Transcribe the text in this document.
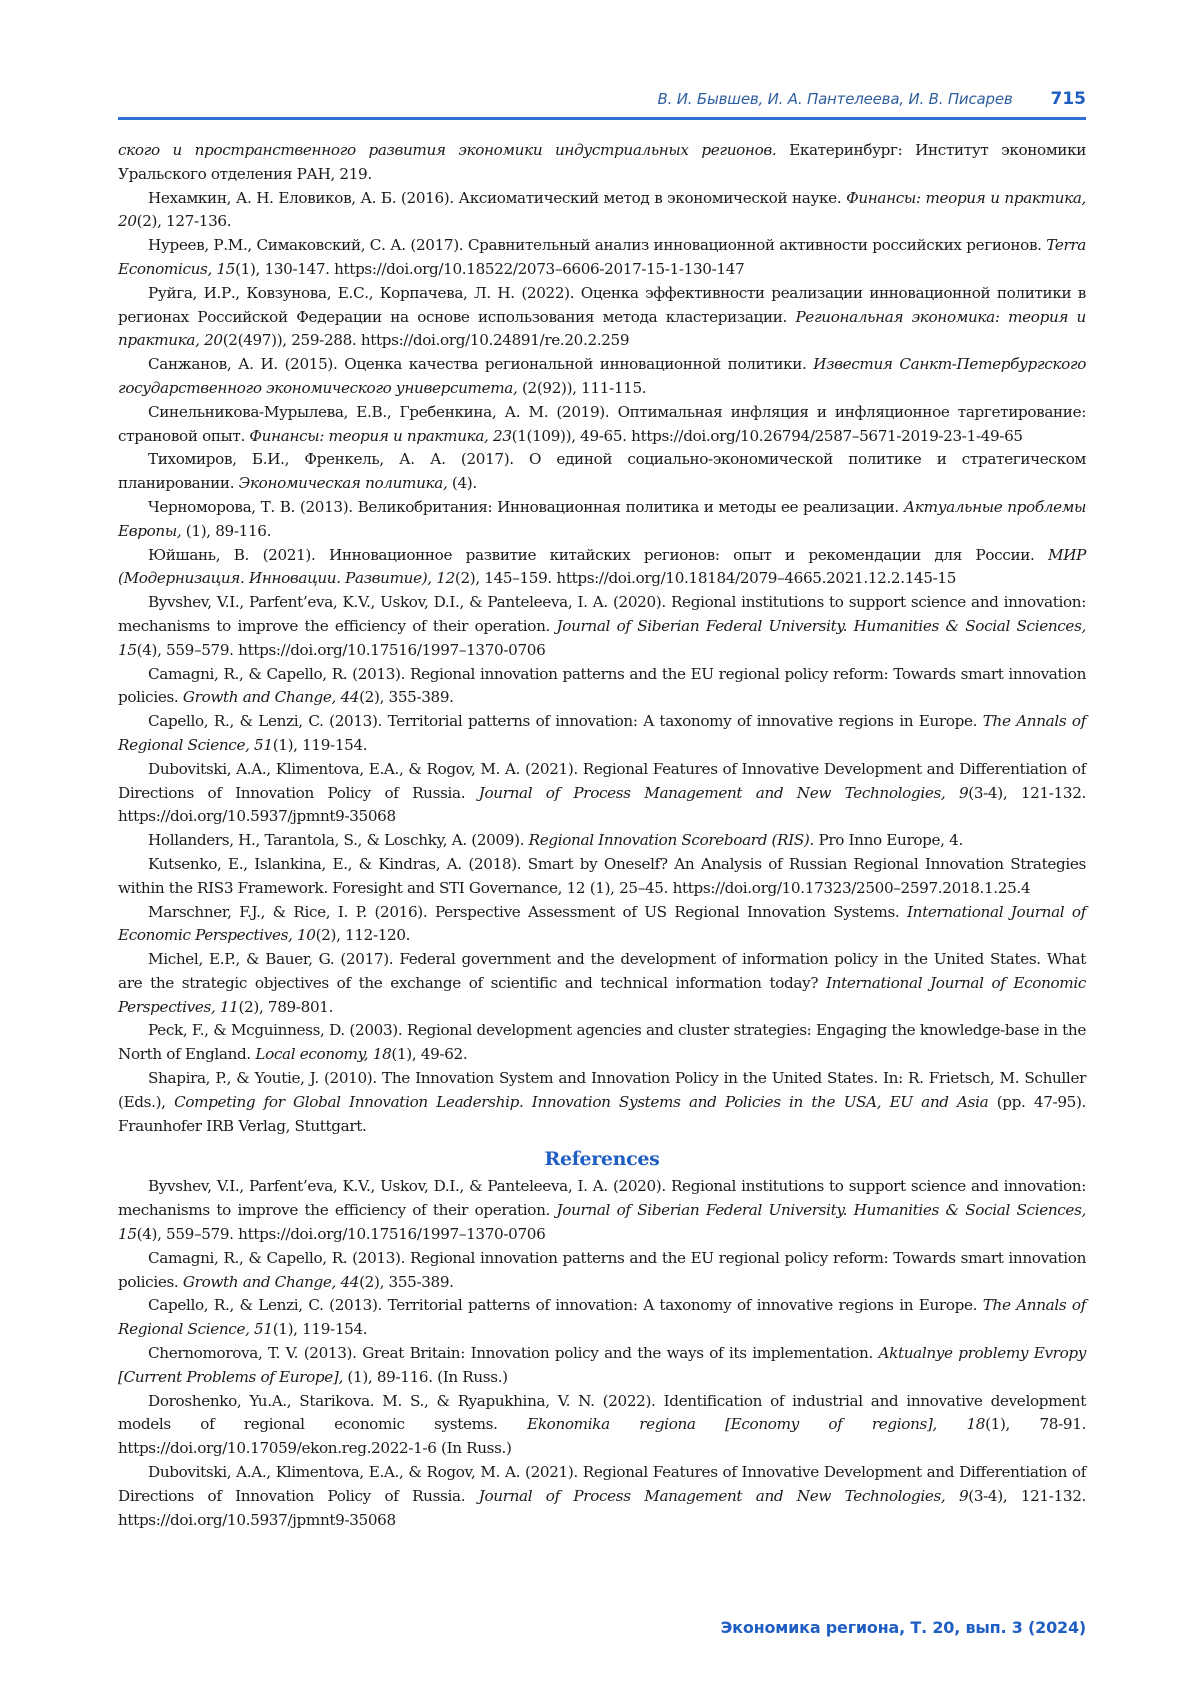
В. И. Бывшев, И. А. Пантелеева, И. В. Писарев 715

ского и пространственного развития экономики индустриальных регионов. Екатеринбург: Институт экономики Уральского отделения РАН, 219.

Нехамкин, А. Н. Еловиков, А. Б. (2016). Аксиоматический метод в экономической науке. Финансы: теория и практика, 20(2), 127-136.

Нуреев, Р.М., Симаковский, С. А. (2017). Сравнительный анализ инновационной активности российских регионов. Terra Economicus, 15(1), 130-147. https://doi.org/10.18522/2073–6606-2017-15-1-130-147

Руйга, И.Р., Ковзунова, Е.С., Корпачева, Л. Н. (2022). Оценка эффективности реализации инновационной политики в регионах Российской Федерации на основе использования метода кластеризации. Региональная экономика: теория и практика, 20(2(497)), 259-288. https://doi.org/10.24891/re.20.2.259

Санжанов, А. И. (2015). Оценка качества региональной инновационной политики. Известия Санкт-Петербургского государственного экономического университета, (2(92)), 111-115.

Синельникова-Мурылева, Е.В., Гребенкина, А. М. (2019). Оптимальная инфляция и инфляционное таргетирование: страновой опыт. Финансы: теория и практика, 23(1(109)), 49-65. https://doi.org/10.26794/2587–5671-2019-23-1-49-65

Тихомиров, Б.И., Френкель, А. А. (2017). О единой социально-экономической политике и стратегическом планировании. Экономическая политика, (4).

Черноморова, Т. В. (2013). Великобритания: Инновационная политика и методы ее реализации. Актуальные проблемы Европы, (1), 89-116.

Юйшань, В. (2021). Инновационное развитие китайских регионов: опыт и рекомендации для России. МИР (Модернизация. Инновации. Развитие), 12(2), 145–159. https://doi.org/10.18184/2079–4665.2021.12.2.145-15

Byvshev, V.I., Parfent’eva, K.V., Uskov, D.I., & Panteleeva, I. A. (2020). Regional institutions to support science and innovation: mechanisms to improve the efficiency of their operation. Journal of Siberian Federal University. Humanities & Social Sciences, 15(4), 559–579. https://doi.org/10.17516/1997–1370-0706

Camagni, R., & Capello, R. (2013). Regional innovation patterns and the EU regional policy reform: Towards smart innovation policies. Growth and Change, 44(2), 355-389.

Capello, R., & Lenzi, C. (2013). Territorial patterns of innovation: A taxonomy of innovative regions in Europe. The Annals of Regional Science, 51(1), 119-154.

Dubovitski, A.A., Klimentova, E.A., & Rogov, M. A. (2021). Regional Features of Innovative Development and Differentiation of Directions of Innovation Policy of Russia. Journal of Process Management and New Technologies, 9(3-4), 121-132. https://doi.org/10.5937/jpmnt9-35068

Hollanders, H., Tarantola, S., & Loschky, A. (2009). Regional Innovation Scoreboard (RIS). Pro Inno Europe, 4.

Kutsenko, E., Islankina, E., & Kindras, A. (2018). Smart by Oneself? An Analysis of Russian Regional Innovation Strategies within the RIS3 Framework. Foresight and STI Governance, 12 (1), 25–45. https://doi.org/10.17323/2500–2597.2018.1.25.4

Marschner, F.J., & Rice, I. P. (2016). Perspective Assessment of US Regional Innovation Systems. International Journal of Economic Perspectives, 10(2), 112-120.

Michel, E.P., & Bauer, G. (2017). Federal government and the development of information policy in the United States. What are the strategic objectives of the exchange of scientific and technical information today? International Journal of Economic Perspectives, 11(2), 789-801.

Peck, F., & Mcguinness, D. (2003). Regional development agencies and cluster strategies: Engaging the knowledge-base in the North of England. Local economy, 18(1), 49-62.

Shapira, P., & Youtie, J. (2010). The Innovation System and Innovation Policy in the United States. In: R. Frietsch, M. Schuller (Eds.), Competing for Global Innovation Leadership. Innovation Systems and Policies in the USA, EU and Asia (pp. 47-95). Fraunhofer IRB Verlag, Stuttgart.

References

Byvshev, V.I., Parfent’eva, K.V., Uskov, D.I., & Panteleeva, I. A. (2020). Regional institutions to support science and innovation: mechanisms to improve the efficiency of their operation. Journal of Siberian Federal University. Humanities & Social Sciences, 15(4), 559–579. https://doi.org/10.17516/1997–1370-0706

Camagni, R., & Capello, R. (2013). Regional innovation patterns and the EU regional policy reform: Towards smart innovation policies. Growth and Change, 44(2), 355-389.

Capello, R., & Lenzi, C. (2013). Territorial patterns of innovation: A taxonomy of innovative regions in Europe. The Annals of Regional Science, 51(1), 119-154.

Chernomorova, T. V. (2013). Great Britain: Innovation policy and the ways of its implementation. Aktualnye problemy Evropy [Current Problems of Europe], (1), 89-116. (In Russ.)

Doroshenko, Yu.A., Starikova. M. S., & Ryapukhina, V. N. (2022). Identification of industrial and innovative development models of regional economic systems. Ekonomika regiona [Economy of regions], 18(1), 78-91. https://doi.org/10.17059/ekon.reg.2022-1-6 (In Russ.)

Dubovitski, A.A., Klimentova, E.A., & Rogov, M. A. (2021). Regional Features of Innovative Development and Differentiation of Directions of Innovation Policy of Russia. Journal of Process Management and New Technologies, 9(3-4), 121-132. https://doi.org/10.5937/jpmnt9-35068

Экономика региона, Т. 20, вып. 3 (2024)
